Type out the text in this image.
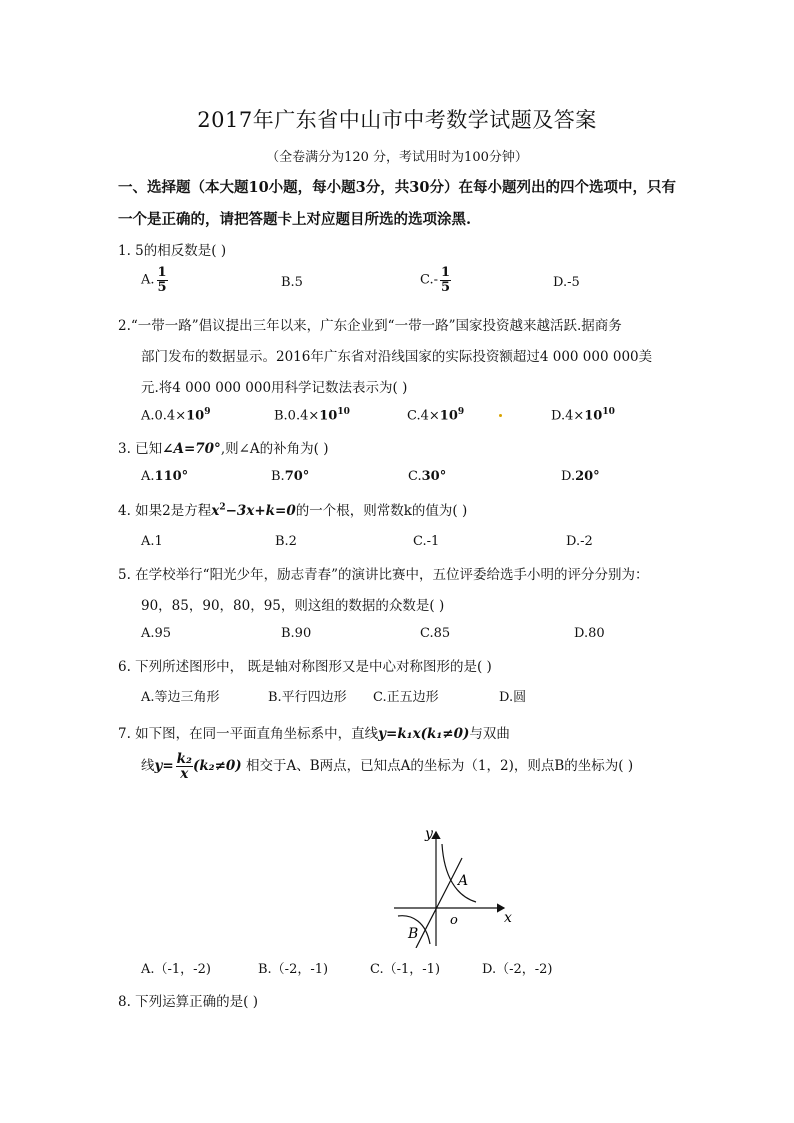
2017年广东省中山市中考数学试题及答案
（全卷满分为120 分，考试用时为100分钟）
一、选择题（本大题10小题，每小题3分，共30分）在每小题列出的四个选项中，只有
一个是正确的，请把答题卡上对应题目所选的选项涂黑.
1. 5的相反数是( )
A. $\frac{1}{5}$	B.5	$C.- \frac{1}{5}$	D.-5
2.“一带一路”倡议提出三年以来，广东企业到“一带一路”国家投资越来越活跃.据商务
部门发布的数据显示。2016年广东省对沿线国家的实际投资额超过4 000 000 000美
元.将4 000 000 000用科学记数法表示为( )
$A.0.4\times 10^9$	$B.0.4\times 10^{10}$	$C.4\times 10^9$	$D.4\times 10^{10}$
3. 已知∠A=70°,则∠A的补角为( )
A.110°	B.70°	C.30°	D.20°
4. 如果2是方程$x^2-3x+k=0$的一个根，则常数k的值为( )
A.1	B.2	C.-1	D.-2
5. 在学校举行“阳光少年，励志青春”的演讲比赛中，五位评委给选手小明的评分分别为：
90，85，90，80，95，则这组的数据的众数是( )
A.95	B.90	C.85	D.80
6. 下列所述图形中， 既是轴对称图形又是中心对称图形的是( )
A.等边三角形	B.平行四边形 C.正五边形	D.圆
7. 如下图，在同一平面直角坐标系中，直线y=k₁x(k₁≠0)与双曲
线$y= \frac{\text{k₂}}{x} (k_2\ne 0)$ 相交于A、B两点，已知点A的坐标为（1，2)，则点B的坐标为( )
y
x
o
A
B
A.（-1，-2)	B.（-2，-1)	C.（-1，-1)	D.（-2，-2)
8. 下列运算正确的是( )
